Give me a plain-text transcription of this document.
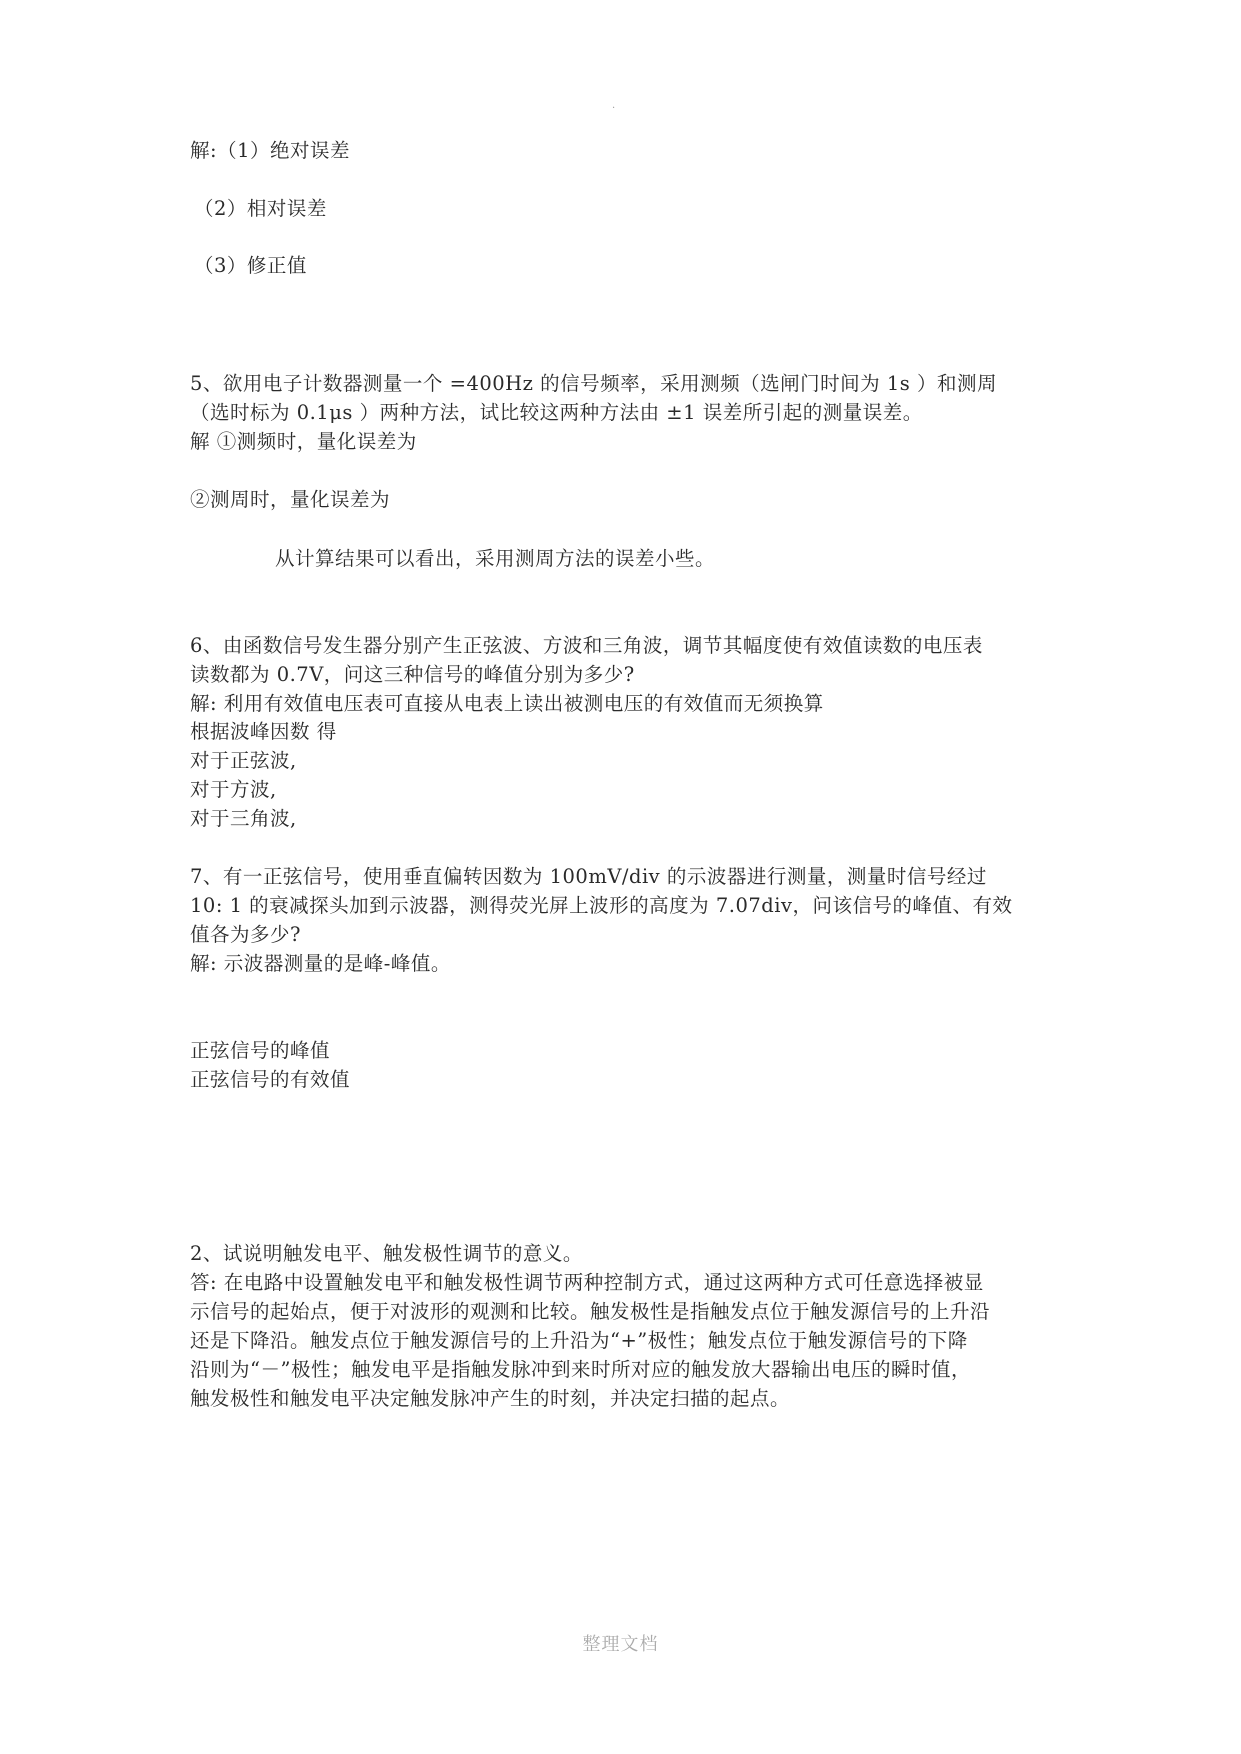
.
解:（1）绝对误差
（2）相对误差
（3）修正值
5、欲用电子计数器测量一个 =400Hz 的信号频率，采用测频（选闸门时间为 1s ）和测周
（选时标为 0.1μs ）两种方法，试比较这两种方法由 ±1 误差所引起的测量误差。
解 ①测频时，量化误差为
②测周时，量化误差为
从计算结果可以看出，采用测周方法的误差小些。
6、由函数信号发生器分别产生正弦波、方波和三角波，调节其幅度使有效值读数的电压表
读数都为 0.7V，问这三种信号的峰值分别为多少?
解: 利用有效值电压表可直接从电表上读出被测电压的有效值而无须换算
根据波峰因数 得
对于正弦波,
对于方波,
对于三角波,
7、有一正弦信号，使用垂直偏转因数为 100mV/div 的示波器进行测量，测量时信号经过
10: 1 的衰减探头加到示波器，测得荧光屏上波形的高度为 7.07div，问该信号的峰值、有效
值各为多少?
解: 示波器测量的是峰-峰值。
正弦信号的峰值
正弦信号的有效值
2、试说明触发电平、触发极性调节的意义。
答: 在电路中设置触发电平和触发极性调节两种控制方式，通过这两种方式可任意选择被显
示信号的起始点，便于对波形的观测和比较。触发极性是指触发点位于触发源信号的上升沿
还是下降沿。触发点位于触发源信号的上升沿为“+”极性；触发点位于触发源信号的下降
沿则为“－”极性；触发电平是指触发脉冲到来时所对应的触发放大器输出电压的瞬时值，
触发极性和触发电平决定触发脉冲产生的时刻，并决定扫描的起点。
整理文档
